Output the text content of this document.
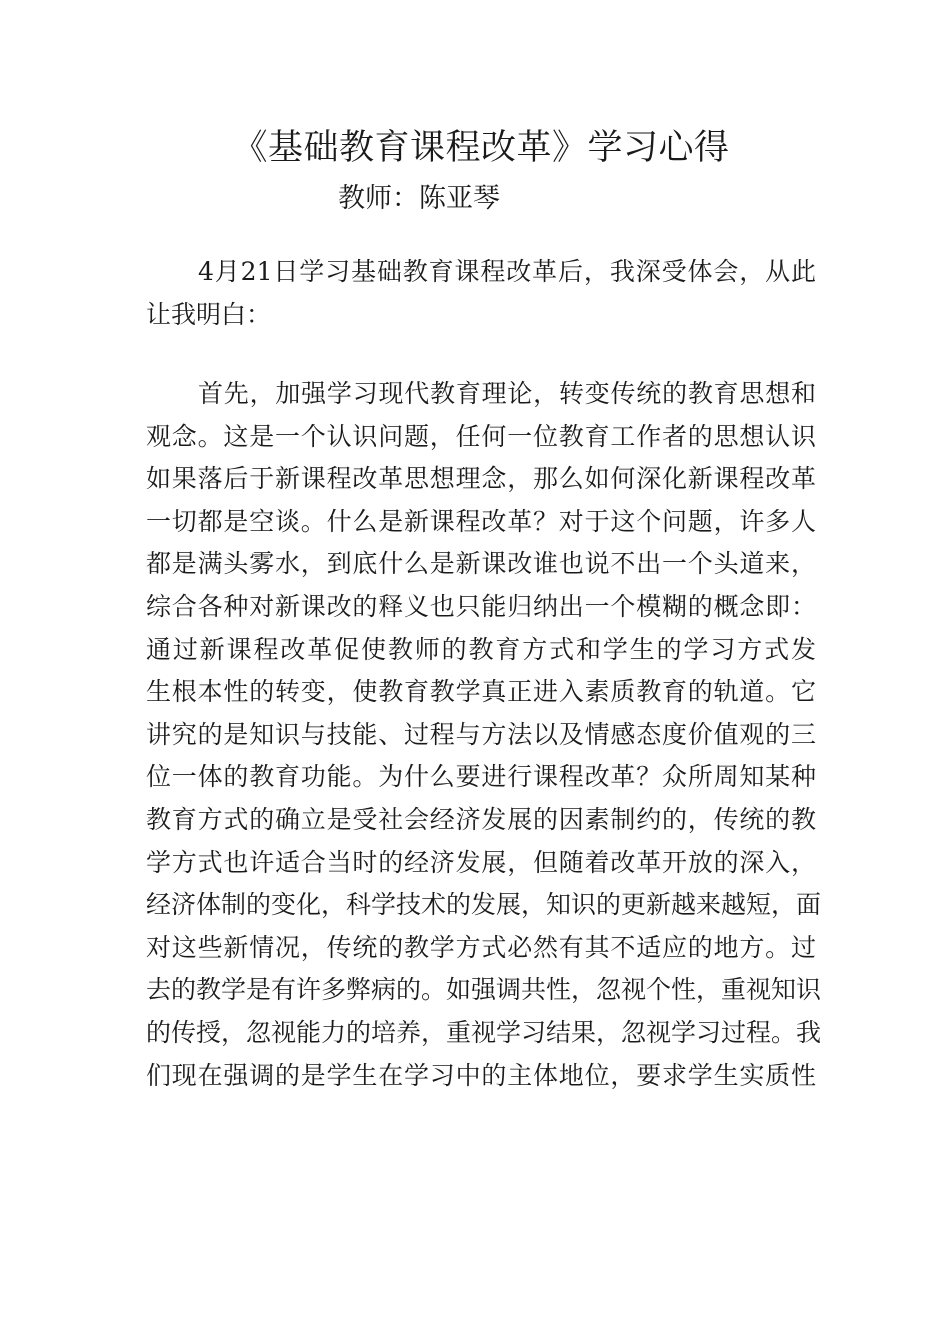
《基础教育课程改革》学习心得
教师：陈亚琴
4月21日学习基础教育课程改革后，我深受体会，从此
让我明白：
首先，加强学习现代教育理论，转变传统的教育思想和
观念。这是一个认识问题，任何一位教育工作者的思想认识
如果落后于新课程改革思想理念，那么如何深化新课程改革
一切都是空谈。什么是新课程改革？对于这个问题，许多人
都是满头雾水，到底什么是新课改谁也说不出一个头道来，
综合各种对新课改的释义也只能归纳出一个模糊的概念即：
通过新课程改革促使教师的教育方式和学生的学习方式发
生根本性的转变，使教育教学真正进入素质教育的轨道。它
讲究的是知识与技能、过程与方法以及情感态度价值观的三
位一体的教育功能。为什么要进行课程改革？众所周知某种
教育方式的确立是受社会经济发展的因素制约的，传统的教
学方式也许适合当时的经济发展，但随着改革开放的深入，
经济体制的变化，科学技术的发展，知识的更新越来越短，面
对这些新情况，传统的教学方式必然有其不适应的地方。过
去的教学是有许多弊病的。如强调共性，忽视个性，重视知识
的传授，忽视能力的培养，重视学习结果，忽视学习过程。我
们现在强调的是学生在学习中的主体地位，要求学生实质性
